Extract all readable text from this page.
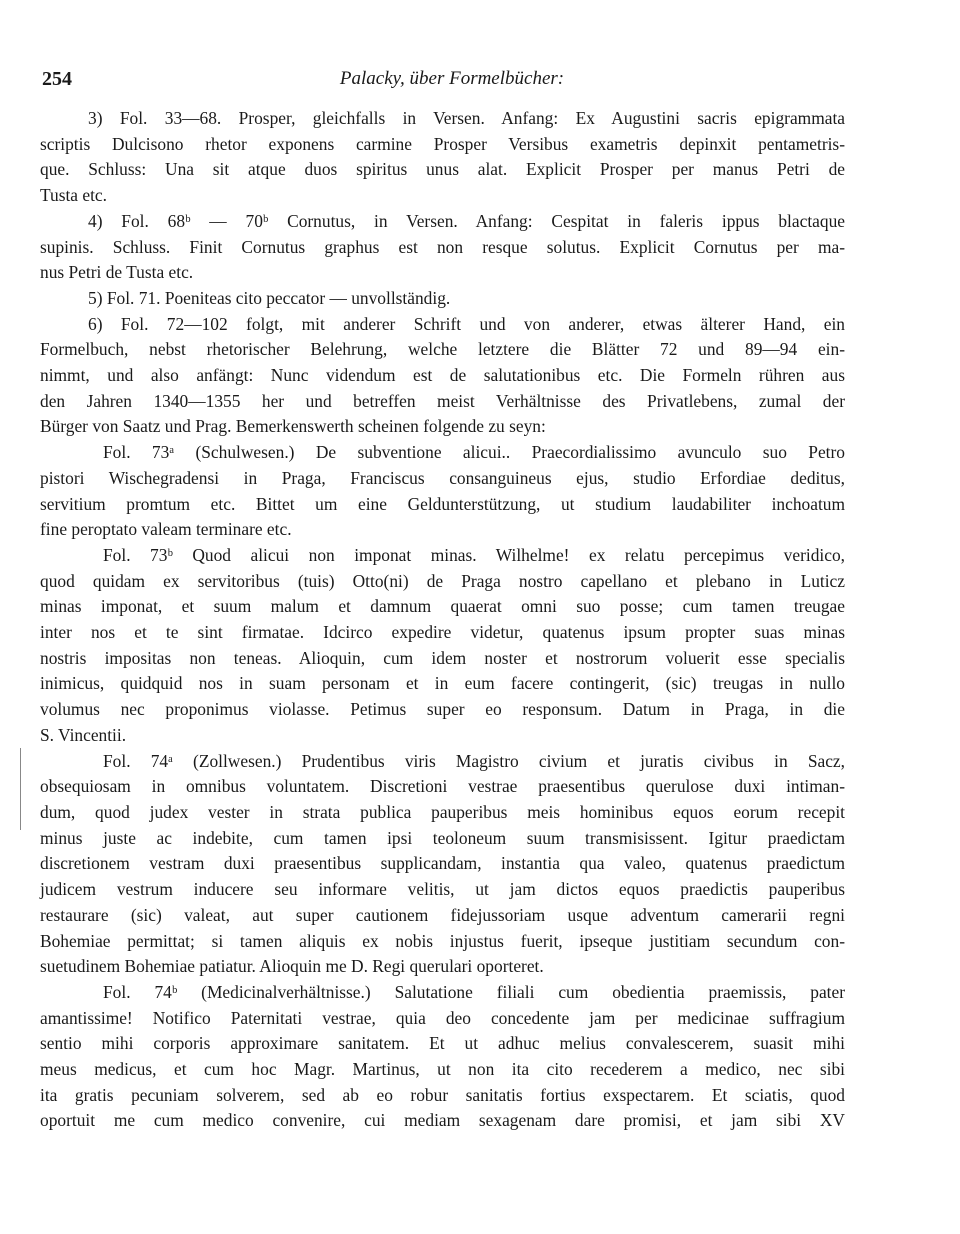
254	Palacky, über Formelbücher:
3) Fol. 33—68. Prosper, gleichfalls in Versen. Anfang: Ex Augustini sacris epigrammata
scriptis Dulcisono rhetor exponens carmine Prosper Versibus exametris depinxit pentametris-
que. Schluss: Una sit atque duos spiritus unus alat. Explicit Prosper per manus Petri de
Tusta etc.
4) Fol. 68ᵇ — 70ᵇ Cornutus, in Versen. Anfang: Cespitat in faleris ippus blactaque
supinis. Schluss. Finit Cornutus graphus est non resque solutus. Explicit Cornutus per ma-
nus Petri de Tusta etc.
5) Fol. 71. Poeniteas cito peccator — unvollständig.
6) Fol. 72—102 folgt, mit anderer Schrift und von anderer, etwas älterer Hand, ein
Formelbuch, nebst rhetorischer Belehrung, welche letztere die Blätter 72 und 89—94 ein-
nimmt, und also anfängt: Nunc videndum est de salutationibus etc. Die Formeln rühren aus
den Jahren 1340—1355 her und betreffen meist Verhältnisse des Privatlebens, zumal der
Bürger von Saatz und Prag. Bemerkenswerth scheinen folgende zu seyn:
Fol. 73ᵃ (Schulwesen.) De subventione alicui.. Praecordialissimo avunculo suo Petro
pistori Wischegradensi in Praga, Franciscus consanguineus ejus, studio Erfordiae deditus,
servitium promtum etc. Bittet um eine Geldunterstützung, ut studium laudabiliter inchoatum
fine peroptato valeam terminare etc.
Fol. 73ᵇ Quod alicui non imponat minas. Wilhelme! ex relatu percepimus veridico,
quod quidam ex servitoribus (tuis) Otto(ni) de Praga nostro capellano et plebano in Luticz
minas imponat, et suum malum et damnum quaerat omni suo posse; cum tamen treugae
inter nos et te sint firmatae. Idcirco expedire videtur, quatenus ipsum propter suas minas
nostris impositas non teneas. Alioquin, cum idem noster et nostrorum voluerit esse specialis
inimicus, quidquid nos in suam personam et in eum facere contingerit, (sic) treugas in nullo
volumus nec proponimus violasse. Petimus super eo responsum. Datum in Praga, in die
S. Vincentii.
Fol. 74ᵃ (Zollwesen.) Prudentibus viris Magistro civium et juratis civibus in Sacz,
obsequiosam in omnibus voluntatem. Discretioni vestrae praesentibus querulose duxi intiman-
dum, quod judex vester in strata publica pauperibus meis hominibus equos eorum recepit
minus juste ac indebite, cum tamen ipsi teoloneum suum transmisissent. Igitur praedictam
discretionem vestram duxi praesentibus supplicandam, instantia qua valeo, quatenus praedictum
judicem vestrum inducere seu informare velitis, ut jam dictos equos praedictis pauperibus
restaurare (sic) valeat, aut super cautionem fidejussoriam usque adventum camerarii regni
Bohemiae permittat; si tamen aliquis ex nobis injustus fuerit, ipseque justitiam secundum con-
suetudinem Bohemiae patiatur. Alioquin me D. Regi querulari oporteret.
Fol. 74ᵇ (Medicinalverhältnisse.) Salutatione filiali cum obedientia praemissis, pater
amantissime! Notifico Paternitati vestrae, quia deo concedente jam per medicinae suffragium
sentio mihi corporis approximare sanitatem. Et ut adhuc melius convalescerem, suasit mihi
meus medicus, et cum hoc Magr. Martinus, ut non ita cito recederem a medico, nec sibi
ita gratis pecuniam solverem, sed ab eo robur sanitatis fortius exspectarem. Et sciatis, quod
oportuit me cum medico convenire, cui mediam sexagenam dare promisi, et jam sibi XV
